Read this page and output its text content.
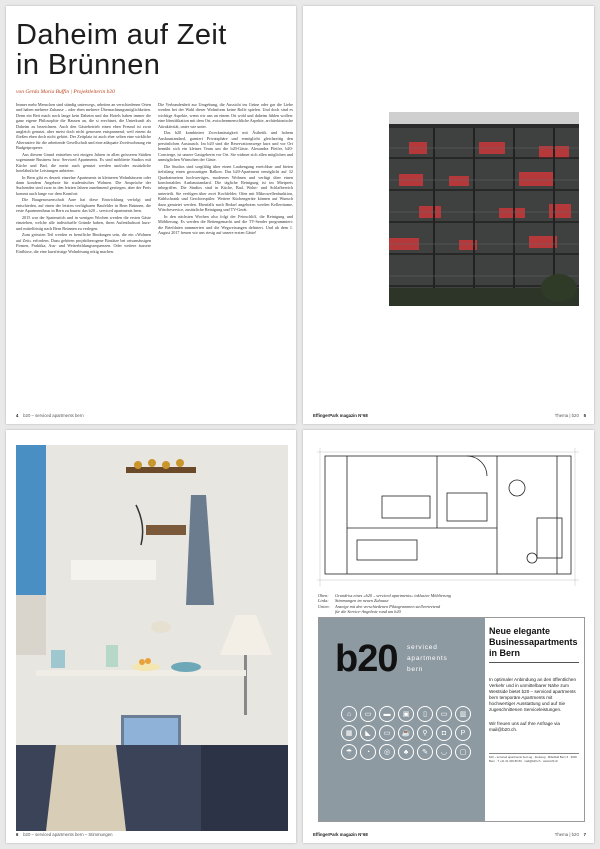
Daheim auf Zeit
in Brünnen
von Gerda Maria Buffin | Projektleiterin b20

Immer mehr Menschen sind ständig unterwegs, arbeiten an verschiedenen Orten und haben mehrere Zuhause – oder eben mehrere Übernachtungsmöglichkeiten. Denn ein Bett mach noch lange kein Daheim und das Hotels haben immer die ganz eigene Philosophie die Hausen an, die si erechtnet, die Unterkunft als Daheim zu bezeichnen. Auch den Gästebetrieb einen eben Freund ist zwar ungleich genutzt, aber meist doch nicht genossen entspannend, weil einem da fließen eben doch nicht gehört. Der Zeitplatz ist auch eher selten eine wirkliche Alternative für die arbeitende Gesellschaft und eine adäquate Zweitwohnung ein Budgetproperer.

Aus diesem Grund entstehen seit einigen Jahren in allen grösseren Städten sogenannte Business bzw. Serviced Apartments. Es sind möblierte Studios mit Küche und Bad, die meist auch genutzt werden und/oder zusätzliche hotelähnliche Leistungen anbieten.

In Bern gibt es derzeit einzelne Apartments in kleineren Wohnhäusern oder dann kondens Angebote für studentisches Wohnen. Die Ansprüche der Suchenden sind zwar in den letzten Jahren zunehmend gestiegen, aber der Preis kommt auch lange vor dem Komfort.

Die Baugenossenschaft Aare hat diese Entwicklung verfolgt und entschieden, auf einen der letzten verfügbaren Baufelder in Bern Brünnen, die erste Apartmenthaus in Bern zu bauen: das b20 – serviced apartments bern.

2015 war der Spatenstich und in wenigen Wochen werden die ersten Gäste einziehen, welche alle individuelle Gründe haben, ihren Aufenthaltsort kurz- und mittelfristig nach Bern Brünnen zu verlegen.

Zum grössten Teil werden es berufliche Bindungen sein, die ein «Wohnen auf Zeit» erfordern. Dazu gehören projektbezogene Einsätze bei ortsansässigen Firmen, Praktika, Aus- und Weiterbildungssequenzen. Oder weitere äussere Einflüsse, die eine kurzfristige Wohnlösung nötig machen.

Die Verbundenheit zur Umgebung, die Aussicht ins Grüne oder gar die Liebe werden bei der Wahl dieser Wohnform keine Rolle spielen. Und doch sind es wichtige Aspekte, wenn wir uns an einem Ort wohl und daheim fühlen wollen: eine Identifikation mit dem Ort, zwischenmenschliche Aspekte, architektonische Attraktivität, unter wie unter.

Das b20 kombiniert Zweckmässigkeit mit Ästhetik und hohem Ausbaustandard, garniert Privatsphäre und ermöglicht gleichzeitig den persönlichen Austausch. Im b20 sind die Reservationswege kurz und vor Ort bemüht sich ein kleines Team um die b20-Gäste. Alexandra Pfeifer, b20-Concierge, ist unsere Gastgeberin vor Ort. Sie widmet sich allen möglichen und unmöglichen Wünschen der Gäste.

Die Studios sind sorgfältig über einen Laubengang erreichbar und bieten tiefstlang einen grossartigen Balkon. Das b20-Apartment ermöglicht auf 32 Quadratmetern hochwertiges, modernes Wohnen und verfügt über einen komfortablen Ausbaustandard. Die tägliche Reinigung ist im Mietpreis inbegriffen. Die Studios sind in Küche, Bad, Wohn- und Schlafbereich unterteilt. Sie verfügen über zwei Kochfelder, Ofen mit Mikrowellenfunktion, Kühlschrank und Geschirrspüler. Weitere Küchengeräte können auf Wunsch dazu gemietet werden. Ebenfalls nach Bedarf angeboten werden Kellerräume, Wäscheservice, zusätzliche Reinigung und TV-Gerät.

In den nächsten Wochen also folgt der Feinschliff, die Reinigung und Möblierung. Es werden die Bettengemacht und die TV-Sender programmiert: die Briefdaten nummeriert und die Wegweisungen definiert. Und ab dem 1. August 2017 freuen wir uns riesig auf unsere ersten Gäste!

4 b20 – serviced apartments bern	EffingerPark magazin N°68	Thema | b20 5
6 b20 – serviced apartments bern – Stimmungen
Oben: Grundriss eines «b20 – serviced apartments» inklusive Möblierung
Links: Stimmungen im neuen Zuhause
Unten: Anzeige mit den verschiedenen Piktogrammen stellvertretend
für die Service-Angebote rund um b20
b20 serviced
apartments
bern
⌂	▭	▬	▣	▯	▭	▥
▦	◣	▭	☕	⚲	◘	P
☂	◔	◎	♣	✎	◡	▢
Neue elegante Businessapartments in Bern
In optimaler Anbindung an den öffentlichen Verkehr und in unmittelbarer Nähe zum Westside bietet b20 – serviced apartments bern temporäre Apartments mit hochwertiger Ausstattung und auf Sie zugeschnittenen Serviceleistungen.
Wir freuen uns auf Ihre Anfrage via mail@b20.ch.
b20 – serviced apartments bern ag · Zentweg · Mittelfeld Bern 6 · 3000 Bern · T +41 31 300 80 80 · mail@b20.ch · www.b20.ch
EffingerPark magazin N°68	Thema | b20 7
